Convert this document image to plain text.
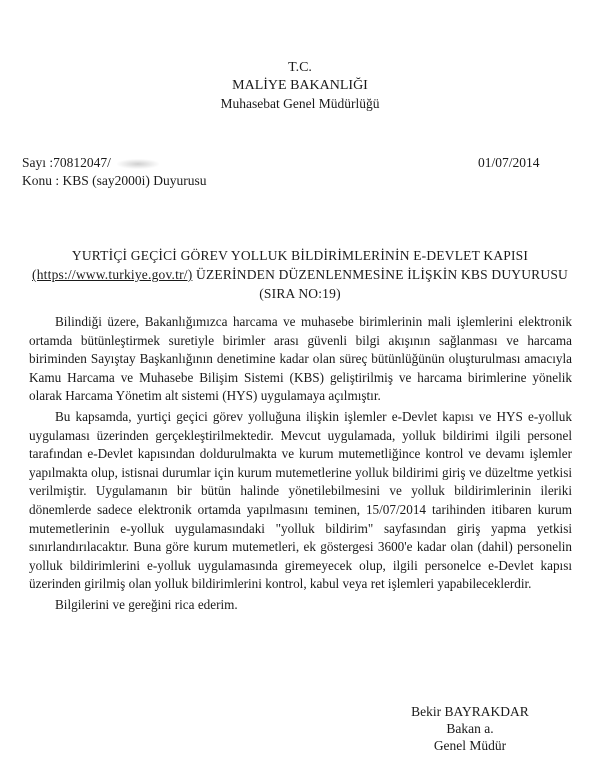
T.C.
MALİYE BAKANLIĞI
Muhasebat Genel Müdürlüğü
Sayı :70812047/
Konu : KBS (say2000i) Duyurusu
01/07/2014
YURTİÇİ GEÇİCİ GÖREV YOLLUK BİLDİRİMLERİNİN E-DEVLET KAPISI
(https://www.turkiye.gov.tr/) ÜZERİNDEN DÜZENLENMESİNE İLİŞKİN KBS DUYURUSU (SIRA NO:19)

Bilindiği üzere, Bakanlığımızca harcama ve muhasebe birimlerinin mali işlemlerini elektronik ortamda bütünleştirmek suretiyle birimler arası güvenli bilgi akışının sağlanması ve harcama biriminden Sayıştay Başkanlığının denetimine kadar olan süreç bütünlüğünün oluşturulması amacıyla Kamu Harcama ve Muhasebe Bilişim Sistemi (KBS) geliştirilmiş ve harcama birimlerine yönelik olarak Harcama Yönetim alt sistemi (HYS) uygulamaya açılmıştır.

Bu kapsamda, yurtiçi geçici görev yolluğuna ilişkin işlemler e-Devlet kapısı ve HYS e-yolluk uygulaması üzerinden gerçekleştirilmektedir. Mevcut uygulamada, yolluk bildirimi ilgili personel tarafından e-Devlet kapısından doldurulmakta ve kurum mutemetliğince kontrol ve devamı işlemler yapılmakta olup, istisnai durumlar için kurum mutemetlerine yolluk bildirimi giriş ve düzeltme yetkisi verilmiştir. Uygulamanın bir bütün halinde yönetilebilmesini ve yolluk bildirimlerinin ileriki dönemlerde sadece elektronik ortamda yapılmasını teminen, 15/07/2014 tarihinden itibaren kurum mutemetlerinin e-yolluk uygulamasındaki "yolluk bildirim" sayfasından giriş yapma yetkisi sınırlandırılacaktır. Buna göre kurum mutemetleri, ek göstergesi 3600'e kadar olan (dahil) personelin yolluk bildirimlerini e-yolluk uygulamasında giremeyecek olup, ilgili personelce e-Devlet kapısı üzerinden girilmiş olan yolluk bildirimlerini kontrol, kabul veya ret işlemleri yapabileceklerdir.

Bilgilerini ve gereğini rica ederim.

Bekir BAYRAKDAR
Bakan a.
Genel Müdür
